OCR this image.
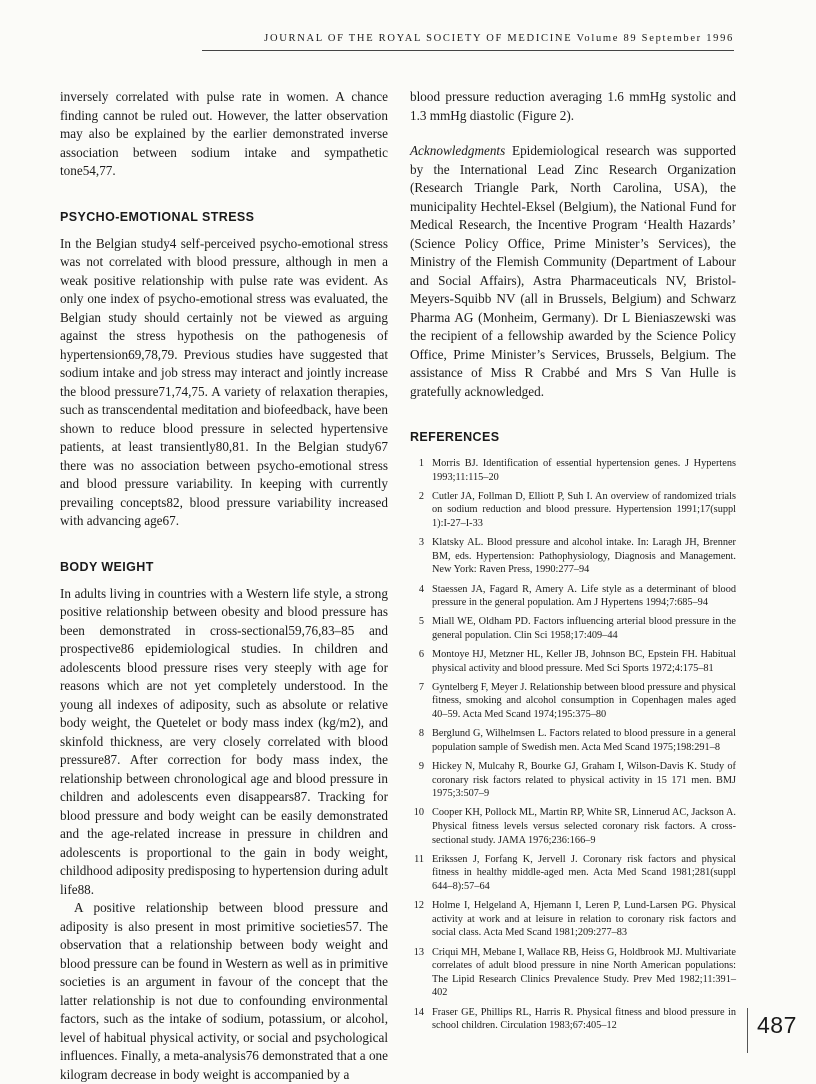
JOURNAL OF THE ROYAL SOCIETY OF MEDICINE Volume 89 September 1996

inversely correlated with pulse rate in women. A chance finding cannot be ruled out. However, the latter observation may also be explained by the earlier demonstrated inverse association between sodium intake and sympathetic tone54,77.

PSYCHO-EMOTIONAL STRESS

In the Belgian study4 self-perceived psycho-emotional stress was not correlated with blood pressure, although in men a weak positive relationship with pulse rate was evident. As only one index of psycho-emotional stress was evaluated, the Belgian study should certainly not be viewed as arguing against the stress hypothesis on the pathogenesis of hypertension69,78,79. Previous studies have suggested that sodium intake and job stress may interact and jointly increase the blood pressure71,74,75. A variety of relaxation therapies, such as transcendental meditation and biofeedback, have been shown to reduce blood pressure in selected hypertensive patients, at least transiently80,81. In the Belgian study67 there was no association between psycho-emotional stress and blood pressure variability. In keeping with currently prevailing concepts82, blood pressure variability increased with advancing age67.

BODY WEIGHT

In adults living in countries with a Western life style, a strong positive relationship between obesity and blood pressure has been demonstrated in cross-sectional59,76,83–85 and prospective86 epidemiological studies. In children and adolescents blood pressure rises very steeply with age for reasons which are not yet completely understood. In the young all indexes of adiposity, such as absolute or relative body weight, the Quetelet or body mass index (kg/m2), and skinfold thickness, are very closely correlated with blood pressure87. After correction for body mass index, the relationship between chronological age and blood pressure in children and adolescents even disappears87. Tracking for blood pressure and body weight can be easily demonstrated and the age-related increase in pressure in children and adolescents is proportional to the gain in body weight, childhood adiposity predisposing to hypertension during adult life88.

A positive relationship between blood pressure and adiposity is also present in most primitive societies57. The observation that a relationship between body weight and blood pressure can be found in Western as well as in primitive societies is an argument in favour of the concept that the latter relationship is not due to confounding environmental factors, such as the intake of sodium, potassium, or alcohol, level of habitual physical activity, or social and psychological influences. Finally, a meta-analysis76 demonstrated that a one kilogram decrease in body weight is accompanied by a

blood pressure reduction averaging 1.6 mmHg systolic and 1.3 mmHg diastolic (Figure 2).

Acknowledgments Epidemiological research was supported by the International Lead Zinc Research Organization (Research Triangle Park, North Carolina, USA), the municipality Hechtel-Eksel (Belgium), the National Fund for Medical Research, the Incentive Program ‘Health Hazards’ (Science Policy Office, Prime Minister’s Services), the Ministry of the Flemish Community (Department of Labour and Social Affairs), Astra Pharmaceuticals NV, Bristol-Meyers-Squibb NV (all in Brussels, Belgium) and Schwarz Pharma AG (Monheim, Germany). Dr L Bieniaszewski was the recipient of a fellowship awarded by the Science Policy Office, Prime Minister’s Services, Brussels, Belgium. The assistance of Miss R Crabbé and Mrs S Van Hulle is gratefully acknowledged.

REFERENCES
1 Morris BJ. Identification of essential hypertension genes. J Hypertens 1993;11:115–20
2 Cutler JA, Follman D, Elliott P, Suh I. An overview of randomized trials on sodium reduction and blood pressure. Hypertension 1991;17(suppl 1):I-27–I-33
3 Klatsky AL. Blood pressure and alcohol intake. In: Laragh JH, Brenner BM, eds. Hypertension: Pathophysiology, Diagnosis and Management. New York: Raven Press, 1990:277–94
4 Staessen JA, Fagard R, Amery A. Life style as a determinant of blood pressure in the general population. Am J Hypertens 1994;7:685–94
5 Miall WE, Oldham PD. Factors influencing arterial blood pressure in the general population. Clin Sci 1958;17:409–44
6 Montoye HJ, Metzner HL, Keller JB, Johnson BC, Epstein FH. Habitual physical activity and blood pressure. Med Sci Sports 1972;4:175–81
7 Gyntelberg F, Meyer J. Relationship between blood pressure and physical fitness, smoking and alcohol consumption in Copenhagen males aged 40–59. Acta Med Scand 1974;195:375–80
8 Berglund G, Wilhelmsen L. Factors related to blood pressure in a general population sample of Swedish men. Acta Med Scand 1975;198:291–8
9 Hickey N, Mulcahy R, Bourke GJ, Graham I, Wilson-Davis K. Study of coronary risk factors related to physical activity in 15 171 men. BMJ 1975;3:507–9
10 Cooper KH, Pollock ML, Martin RP, White SR, Linnerud AC, Jackson A. Physical fitness levels versus selected coronary risk factors. A cross-sectional study. JAMA 1976;236:166–9
11 Erikssen J, Forfang K, Jervell J. Coronary risk factors and physical fitness in healthy middle-aged men. Acta Med Scand 1981;281(suppl 644–8):57–64
12 Holme I, Helgeland A, Hjemann I, Leren P, Lund-Larsen PG. Physical activity at work and at leisure in relation to coronary risk factors and social class. Acta Med Scand 1981;209:277–83
13 Criqui MH, Mebane I, Wallace RB, Heiss G, Holdbrook MJ. Multivariate correlates of adult blood pressure in nine North American populations: The Lipid Research Clinics Prevalence Study. Prev Med 1982;11:391–402
14 Fraser GE, Phillips RL, Harris R. Physical fitness and blood pressure in school children. Circulation 1983;67:405–12	487
